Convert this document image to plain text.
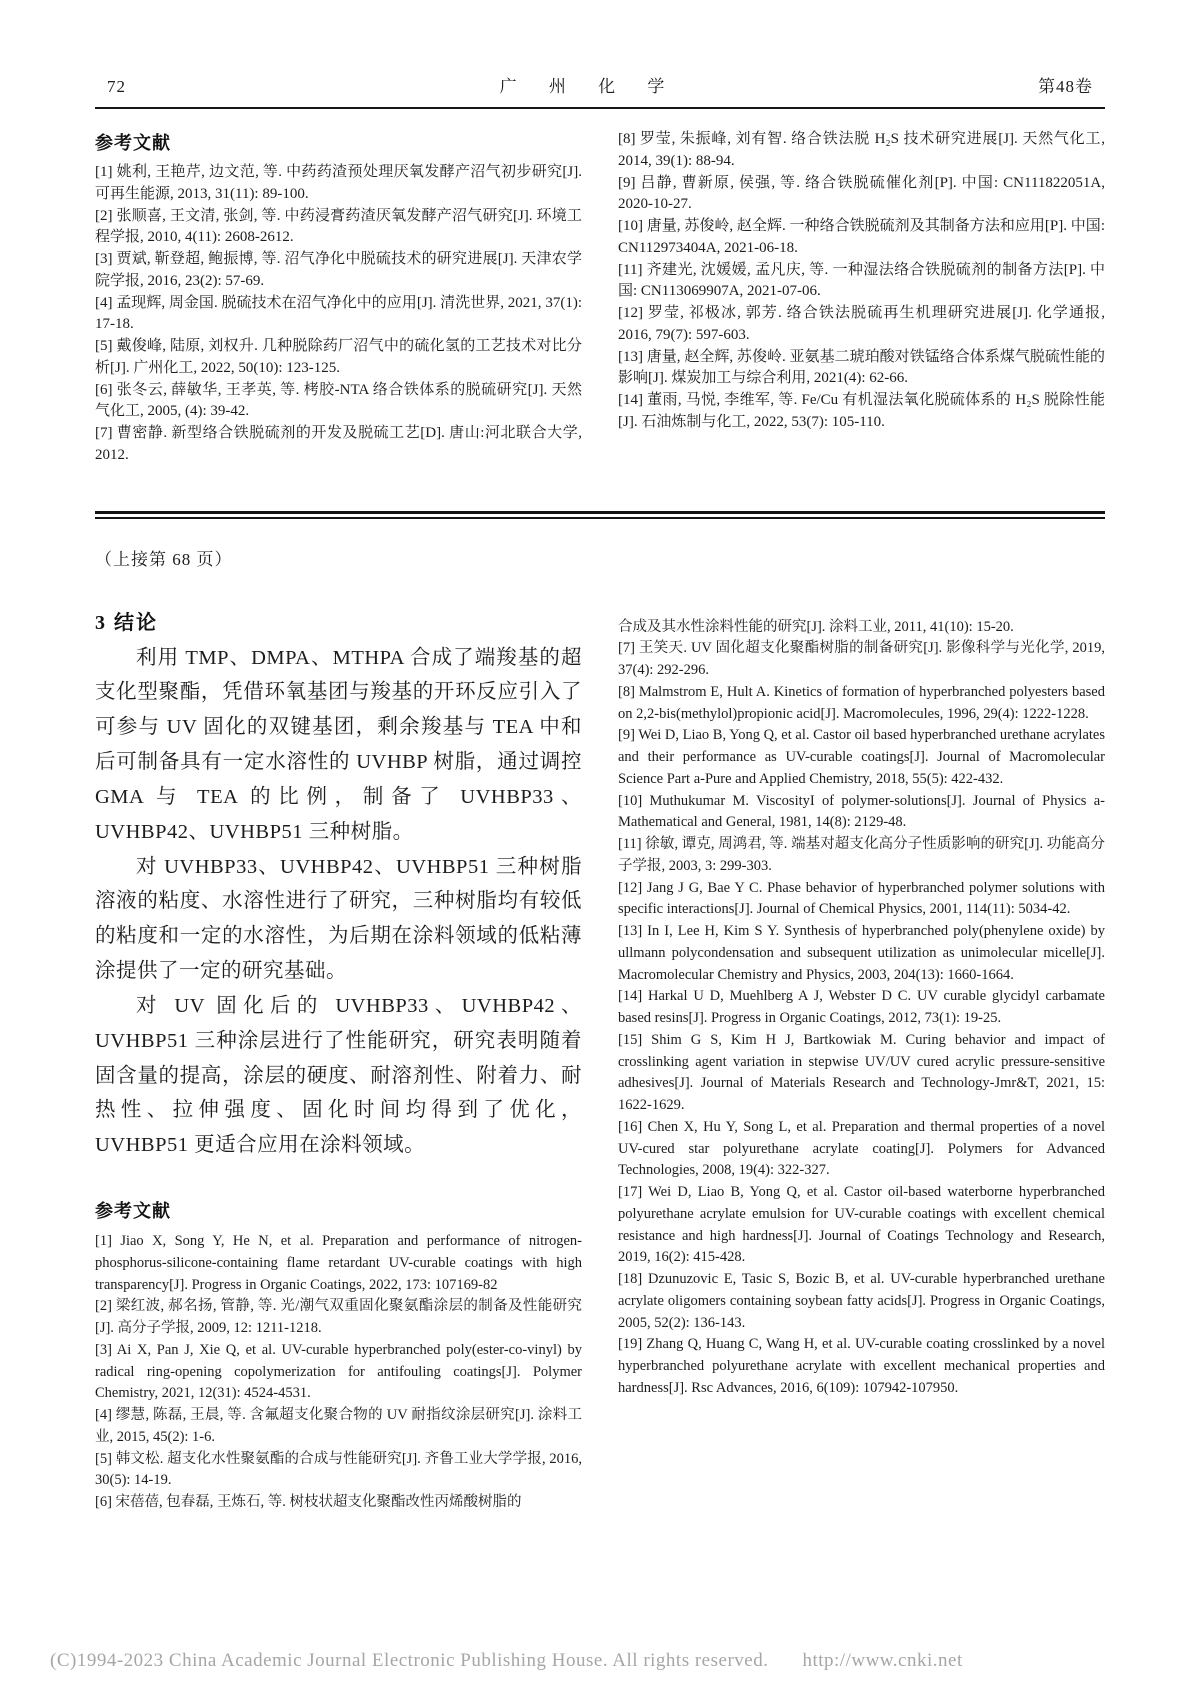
72	广 州 化 学	第48卷
参考文献

[1] 姚利, 王艳芹, 边文范, 等. 中药药渣预处理厌氧发酵产沼气初步研究[J]. 可再生能源, 2013, 31(11): 89-100.

[2] 张顺喜, 王文清, 张剑, 等. 中药浸膏药渣厌氧发酵产沼气研究[J]. 环境工程学报, 2010, 4(11): 2608-2612.

[3] 贾斌, 靳登超, 鲍振博, 等. 沼气净化中脱硫技术的研究进展[J]. 天津农学院学报, 2016, 23(2): 57-69.

[4] 孟现辉, 周金国. 脱硫技术在沼气净化中的应用[J]. 清洗世界, 2021, 37(1): 17-18.

[5] 戴俊峰, 陆原, 刘权升. 几种脱除药厂沼气中的硫化氢的工艺技术对比分析[J]. 广州化工, 2022, 50(10): 123-125.

[6] 张冬云, 薛敏华, 王孝英, 等. 栲胶-NTA 络合铁体系的脱硫研究[J]. 天然气化工, 2005, (4): 39-42.

[7] 曹密静. 新型络合铁脱硫剂的开发及脱硫工艺[D]. 唐山:河北联合大学, 2012.

[8] 罗莹, 朱振峰, 刘有智. 络合铁法脱 H₂S 技术研究进展[J]. 天然气化工, 2014, 39(1): 88-94.

[9] 吕静, 曹新原, 侯强, 等. 络合铁脱硫催化剂[P]. 中国: CN111822051A, 2020-10-27.

[10] 唐量, 苏俊岭, 赵全辉. 一种络合铁脱硫剂及其制备方法和应用[P]. 中国: CN112973404A, 2021-06-18.

[11] 齐建光, 沈媛媛, 孟凡庆, 等. 一种湿法络合铁脱硫剂的制备方法[P]. 中国: CN113069907A, 2021-07-06.

[12] 罗莹, 祁极冰, 郭芳. 络合铁法脱硫再生机理研究进展[J]. 化学通报, 2016, 79(7): 597-603.

[13] 唐量, 赵全辉, 苏俊岭. 亚氨基二琥珀酸对铁锰络合体系煤气脱硫性能的影响[J]. 煤炭加工与综合利用, 2021(4): 62-66.

[14] 董雨, 马悦, 李维军, 等. Fe/Cu 有机湿法氧化脱硫体系的 H₂S 脱除性能[J]. 石油炼制与化工, 2022, 53(7): 105-110.

（上接第 68 页）

3 结论

利用 TMP、DMPA、MTHPA 合成了端羧基的超支化型聚酯，凭借环氧基团与羧基的开环反应引入了可参与 UV 固化的双键基团，剩余羧基与 TEA 中和后可制备具有一定水溶性的 UVHBP 树脂，通过调控 GMA 与 TEA 的比例，制备了 UVHBP33、UVHBP42、UVHBP51 三种树脂。

对 UVHBP33、UVHBP42、UVHBP51 三种树脂溶液的粘度、水溶性进行了研究，三种树脂均有较低的粘度和一定的水溶性，为后期在涂料领域的低粘薄涂提供了一定的研究基础。

对 UV 固化后的 UVHBP33、UVHBP42、UVHBP51 三种涂层进行了性能研究，研究表明随着固含量的提高，涂层的硬度、耐溶剂性、附着力、耐热性、拉伸强度、固化时间均得到了优化，UVHBP51 更适合应用在涂料领域。

参考文献

[1] Jiao X, Song Y, He N, et al. Preparation and performance of nitrogen-phosphorus-silicone-containing flame retardant UV-curable coatings with high transparency[J]. Progress in Organic Coatings, 2022, 173: 107169-82

[2] 梁红波, 郝名扬, 管静, 等. 光/潮气双重固化聚氨酯涂层的制备及性能研究[J]. 高分子学报, 2009, 12: 1211-1218.

[3] Ai X, Pan J, Xie Q, et al. UV-curable hyperbranched poly(ester-co-vinyl) by radical ring-opening copolymerization for antifouling coatings[J]. Polymer Chemistry, 2021, 12(31): 4524-4531.

[4] 缪慧, 陈磊, 王晨, 等. 含氟超支化聚合物的 UV 耐指纹涂层研究[J]. 涂料工业, 2015, 45(2): 1-6.

[5] 韩文松. 超支化水性聚氨酯的合成与性能研究[J]. 齐鲁工业大学学报, 2016, 30(5): 14-19.

[6] 宋蓓蓓, 包春磊, 王炼石, 等. 树枝状超支化聚酯改性丙烯酸树脂的

合成及其水性涂料性能的研究[J]. 涂料工业, 2011, 41(10): 15-20.

[7] 王笑天. UV 固化超支化聚酯树脂的制备研究[J]. 影像科学与光化学, 2019, 37(4): 292-296.

[8] Malmstrom E, Hult A. Kinetics of formation of hyperbranched polyesters based on 2,2-bis(methylol)propionic acid[J]. Macromolecules, 1996, 29(4): 1222-1228.

[9] Wei D, Liao B, Yong Q, et al. Castor oil based hyperbranched urethane acrylates and their performance as UV-curable coatings[J]. Journal of Macromolecular Science Part a-Pure and Applied Chemistry, 2018, 55(5): 422-432.

[10] Muthukumar M. ViscosityI of polymer-solutions[J]. Journal of Physics a-Mathematical and General, 1981, 14(8): 2129-48.

[11] 徐敏, 谭克, 周鸿君, 等. 端基对超支化高分子性质影响的研究[J]. 功能高分子学报, 2003, 3: 299-303.

[12] Jang J G, Bae Y C. Phase behavior of hyperbranched polymer solutions with specific interactions[J]. Journal of Chemical Physics, 2001, 114(11): 5034-42.

[13] In I, Lee H, Kim S Y. Synthesis of hyperbranched poly(phenylene oxide) by ullmann polycondensation and subsequent utilization as unimolecular micelle[J]. Macromolecular Chemistry and Physics, 2003, 204(13): 1660-1664.

[14] Harkal U D, Muehlberg A J, Webster D C. UV curable glycidyl carbamate based resins[J]. Progress in Organic Coatings, 2012, 73(1): 19-25.

[15] Shim G S, Kim H J, Bartkowiak M. Curing behavior and impact of crosslinking agent variation in stepwise UV/UV cured acrylic pressure-sensitive adhesives[J]. Journal of Materials Research and Technology-Jmr&T, 2021, 15: 1622-1629.

[16] Chen X, Hu Y, Song L, et al. Preparation and thermal properties of a novel UV-cured star polyurethane acrylate coating[J]. Polymers for Advanced Technologies, 2008, 19(4): 322-327.

[17] Wei D, Liao B, Yong Q, et al. Castor oil-based waterborne hyperbranched polyurethane acrylate emulsion for UV-curable coatings with excellent chemical resistance and high hardness[J]. Journal of Coatings Technology and Research, 2019, 16(2): 415-428.

[18] Dzunuzovic E, Tasic S, Bozic B, et al. UV-curable hyperbranched urethane acrylate oligomers containing soybean fatty acids[J]. Progress in Organic Coatings, 2005, 52(2): 136-143.

[19] Zhang Q, Huang C, Wang H, et al. UV-curable coating crosslinked by a novel hyperbranched polyurethane acrylate with excellent mechanical properties and hardness[J]. Rsc Advances, 2016, 6(109): 107942-107950.

(C)1994-2023 China Academic Journal Electronic Publishing House. All rights reserved. http://www.cnki.net
